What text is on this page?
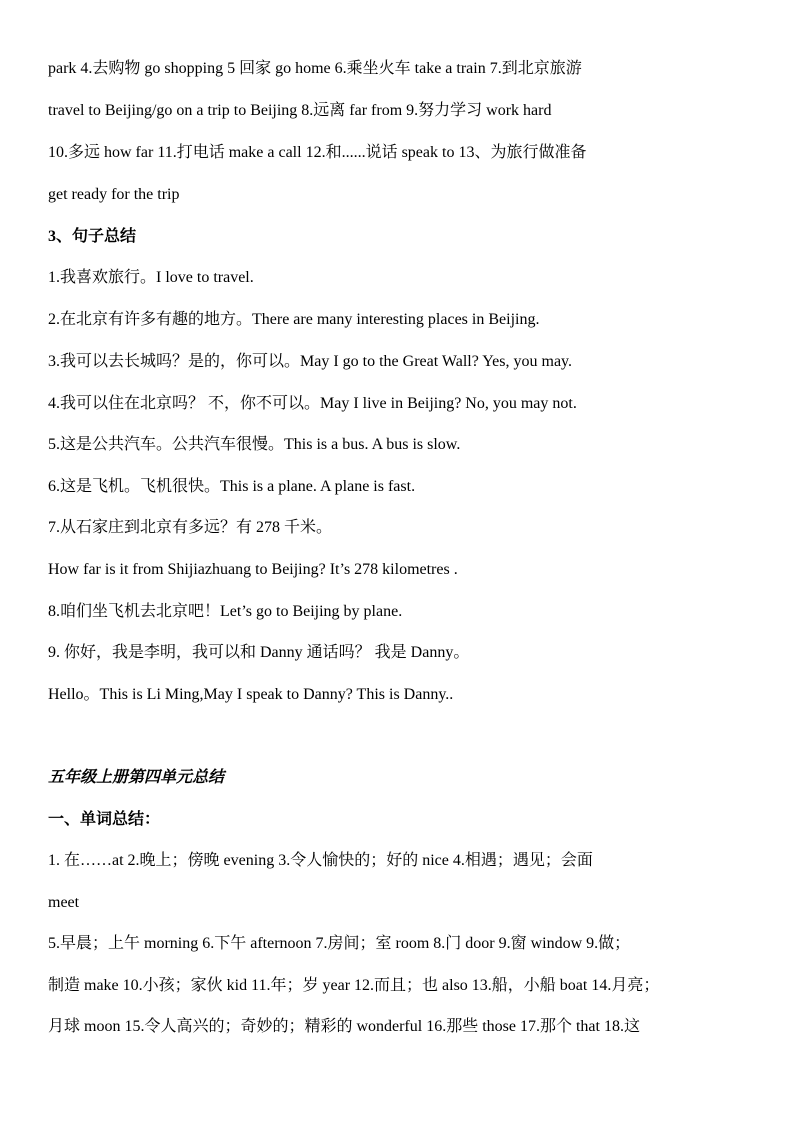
park 4.去购物 go shopping 5 回家 go home 6.乘坐火车 take a train 7.到北京旅游
travel to Beijing/go on a trip to Beijing 8.远离 far from 9.努力学习 work hard
10.多远 how far 11.打电话 make a call 12.和......说话 speak to 13、为旅行做准备
get ready for the trip
3、句子总结
1.我喜欢旅行。I love to travel.
2.在北京有许多有趣的地方。There are many interesting places in Beijing.
3.我可以去长城吗？是的，你可以。May I go to the Great Wall? Yes, you may.
4.我可以住在北京吗？ 不，你不可以。May I live in Beijing? No, you may not.
5.这是公共汽车。公共汽车很慢。This is a bus. A bus is slow.
6.这是飞机。飞机很快。This is a plane. A plane is fast.
7.从石家庄到北京有多远？有 278 千米。
How far is it from Shijiazhuang to Beijing? It’s 278 kilometres .
8.咱们坐飞机去北京吧！Let’s go to Beijing by plane.
9. 你好，我是李明，我可以和 Danny 通话吗？ 我是 Danny。
Hello。This is Li Ming,May I speak to Danny? This is Danny..
五年级上册第四单元总结
一、单词总结：
1. 在……at 2.晚上；傍晚 evening 3.令人愉快的；好的 nice 4.相遇；遇见；会面
meet
5.早晨；上午 morning 6.下午 afternoon 7.房间；室 room 8.门 door 9.窗 window 9.做；
制造 make 10.小孩；家伙 kid 11.年；岁 year 12.而且；也 also 13.船，小船 boat 14.月亮；
月球 moon 15.令人高兴的；奇妙的；精彩的 wonderful 16.那些 those 17.那个 that 18.这
